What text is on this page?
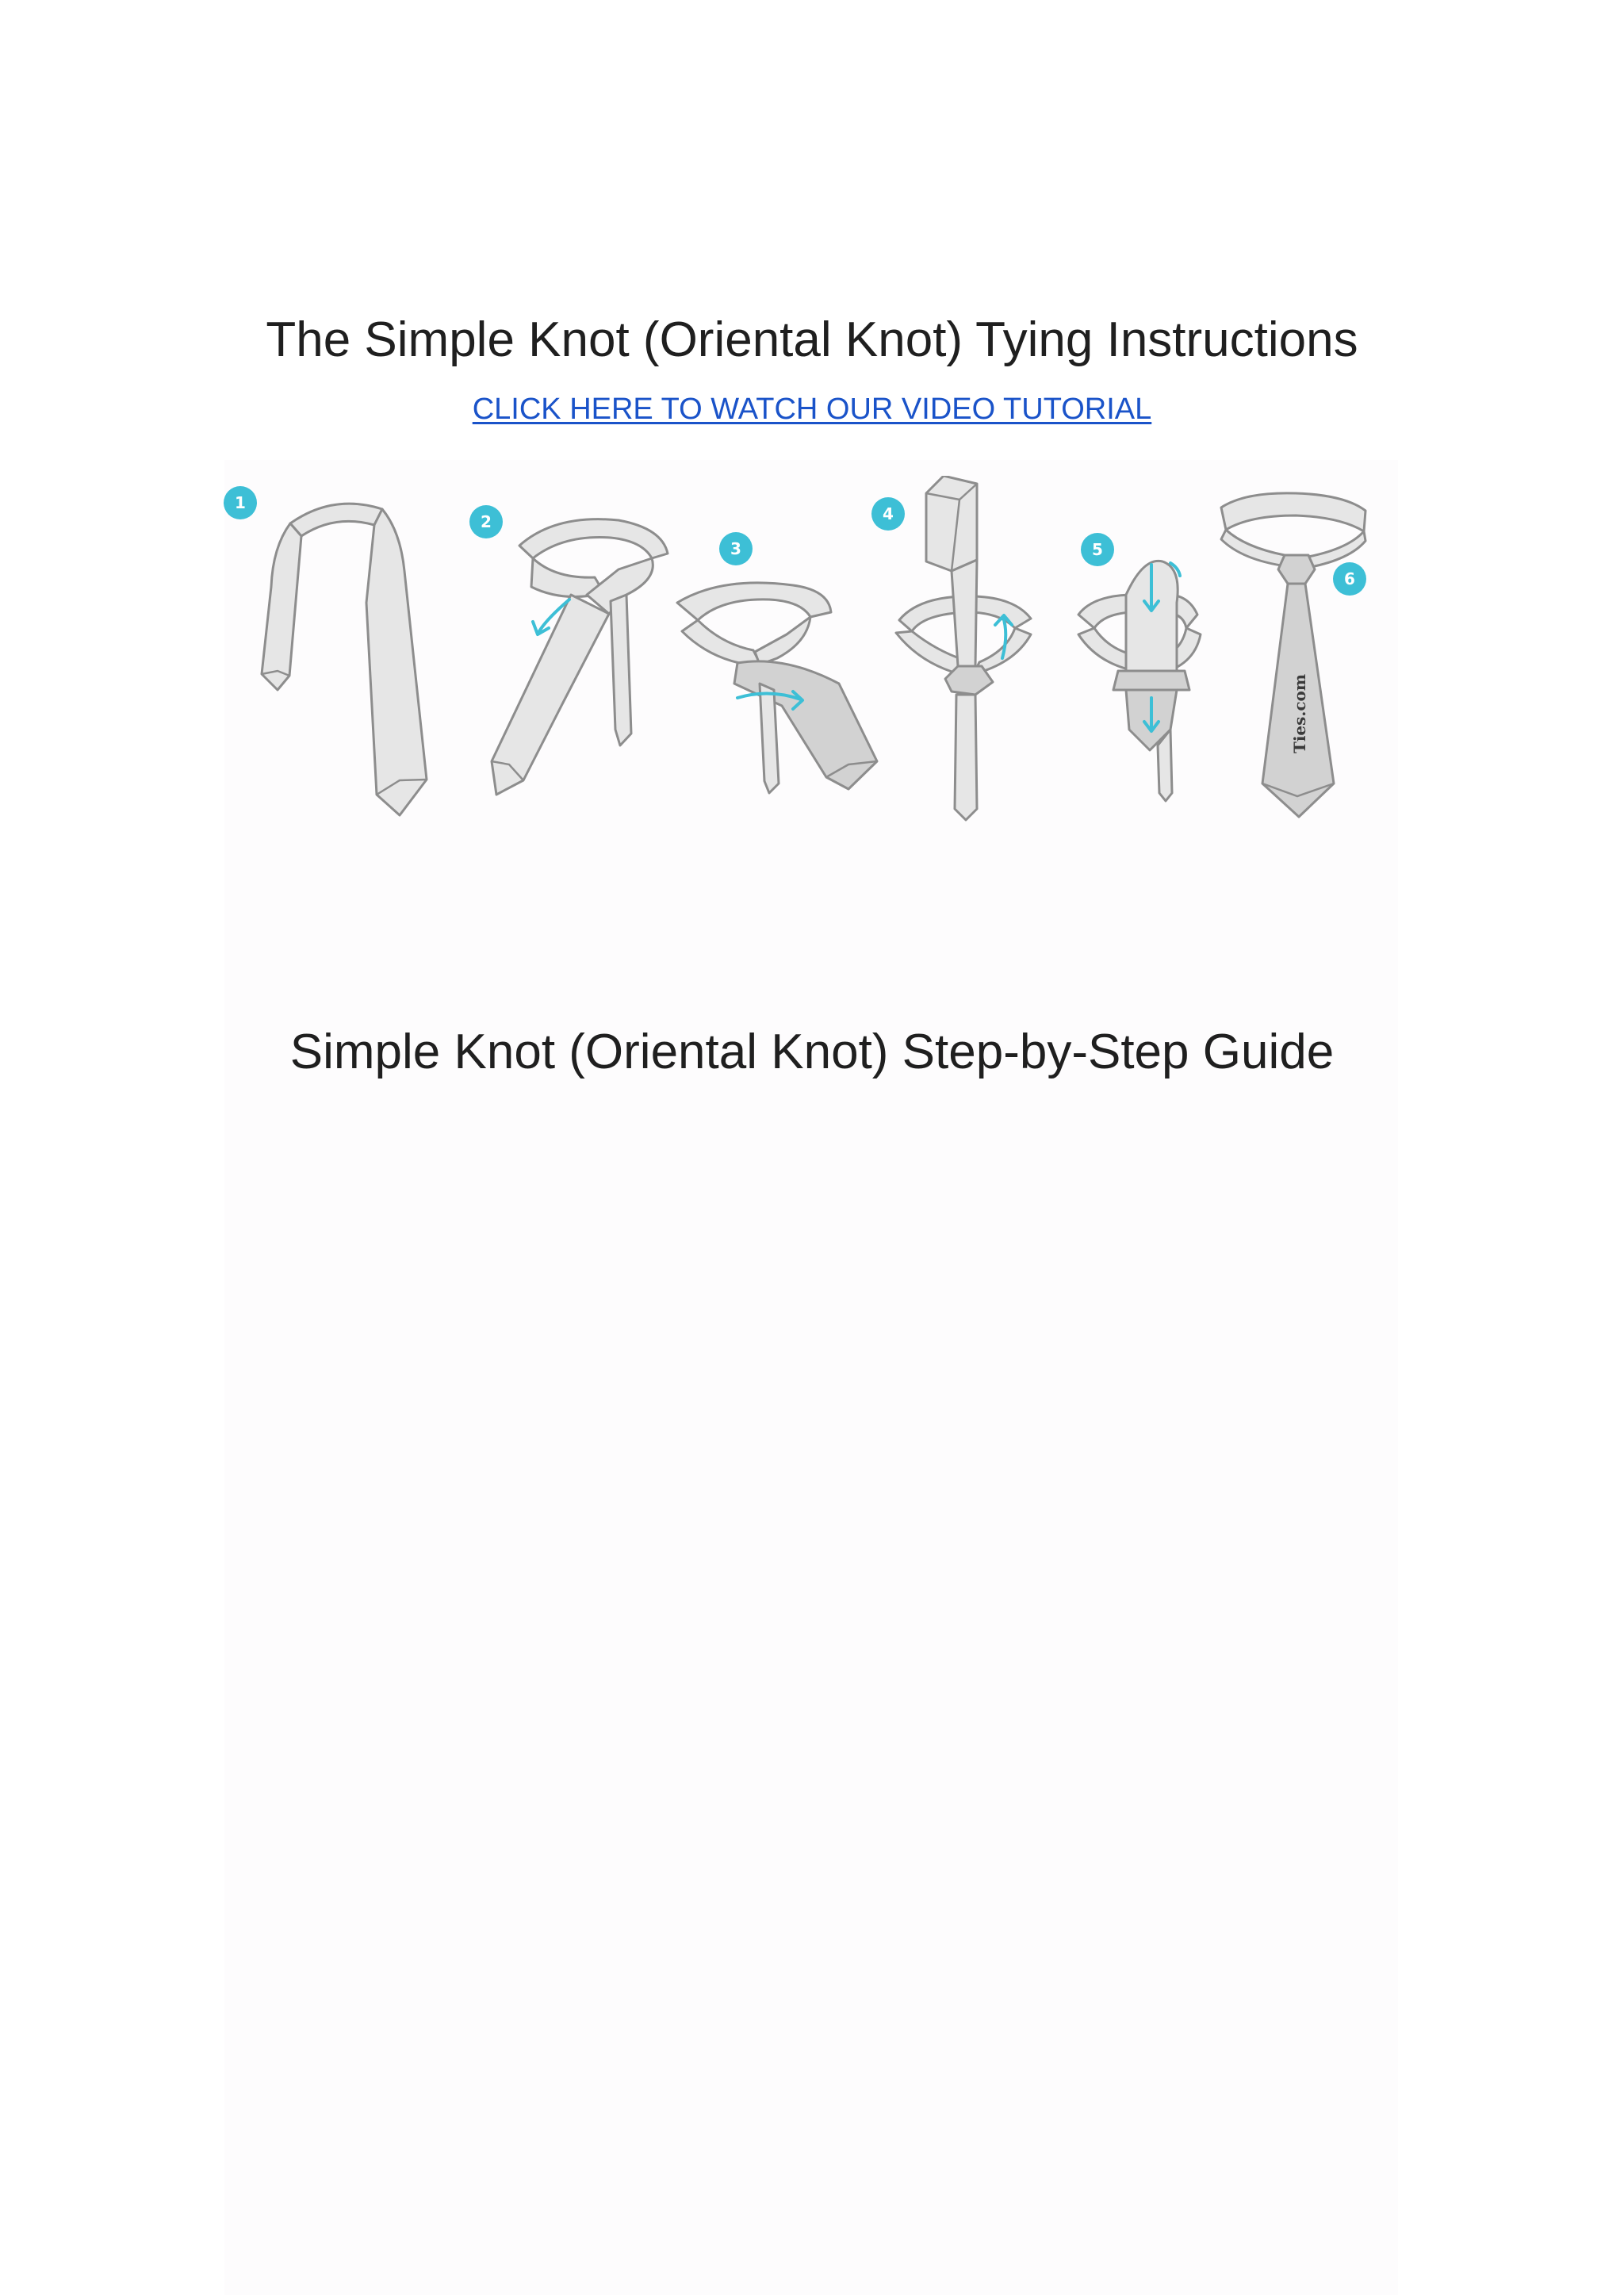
The Simple Knot (Oriental Knot) Tying Instructions
CLICK HERE TO WATCH OUR VIDEO TUTORIAL
1
2
3
4
5
6
Ties.com
Simple Knot (Oriental Knot) Step-by-Step Guide
